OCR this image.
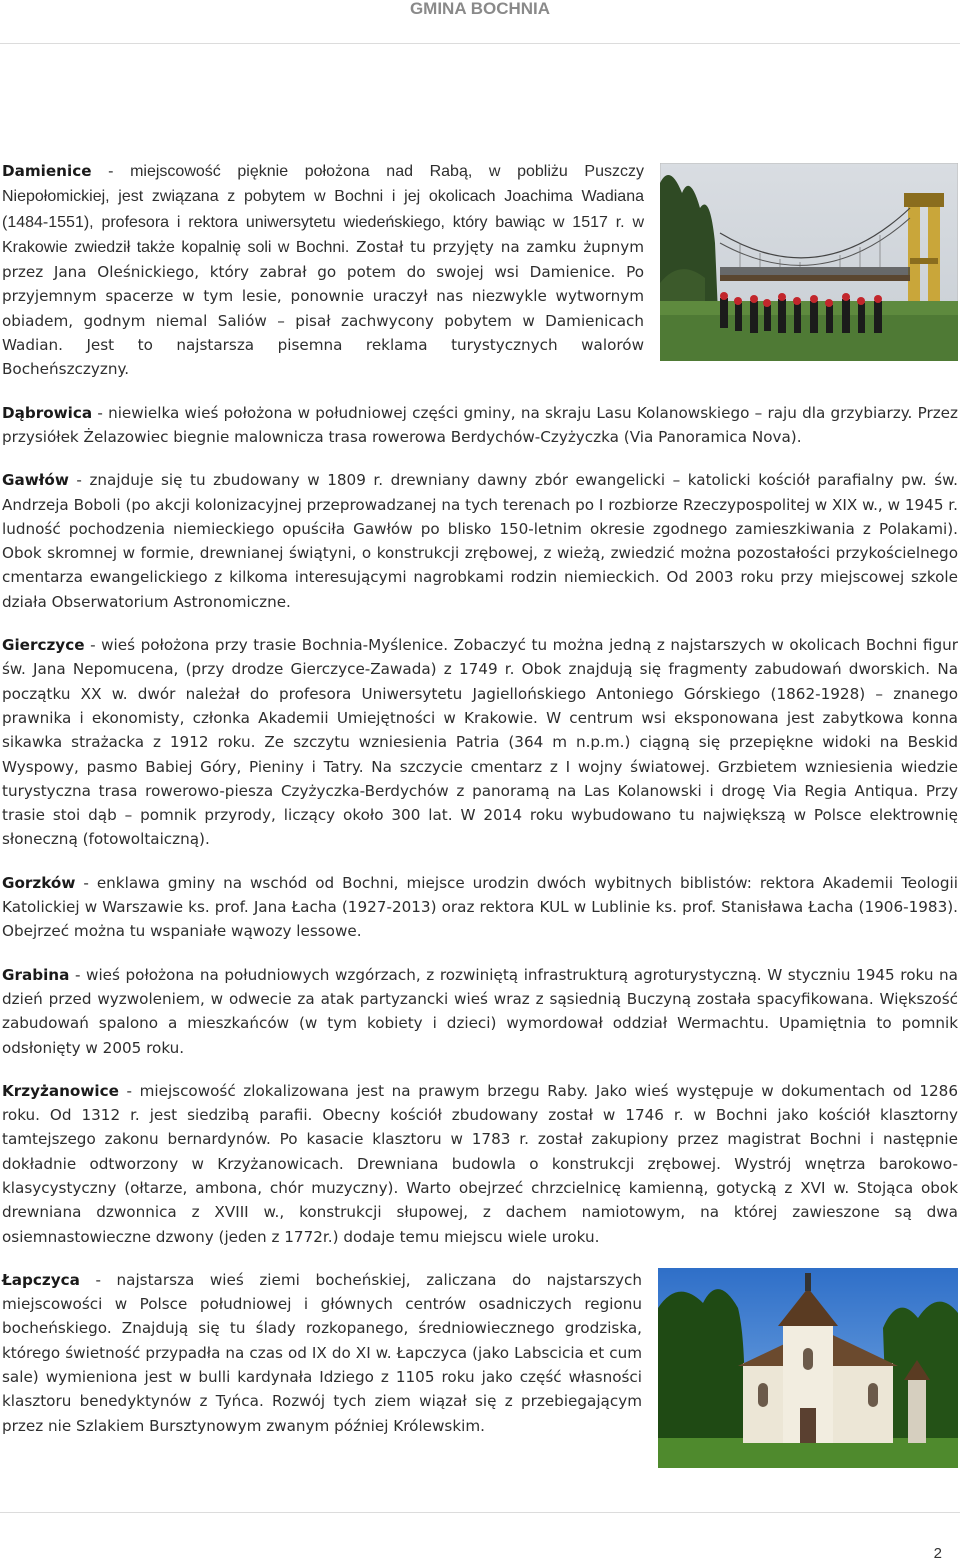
GMINA BOCHNIA

Damienice - miejscowość pięknie położona nad Rabą, w pobliżu Puszczy Niepołomickiej, jest związana z pobytem w Bochni i jej okolicach Joachima Wadiana (1484-1551), profesora i rektora uniwersytetu wiedeńskiego, który bawiąc w 1517 r. w Krakowie zwiedził także kopalnię soli w Bochni. Został tu przyjęty na zamku żupnym przez Jana Oleśnickiego, który zabrał go potem do swojej wsi Damienice. Po przyjemnym spacerze w tym lesie, ponownie uraczył nas niezwykle wytwornym obiadem, godnym niemal Saliów – pisał zachwycony pobytem w Damienicach Wadian. Jest to najstarsza pisemna reklama turystycznych walorów Bocheńszczyzny.

Dąbrowica - niewielka wieś położona w południowej części gminy, na skraju Lasu Kolanowskiego – raju dla grzybiarzy. Przez przysiółek Żelazowiec biegnie malownicza trasa rowerowa Berdychów-Czyżyczka (Via Panoramica Nova).

Gawłów - znajduje się tu zbudowany w 1809 r. drewniany dawny zbór ewangelicki – katolicki kościół parafialny pw. św. Andrzeja Boboli (po akcji kolonizacyjnej przeprowadzanej na tych terenach po I rozbiorze Rzeczypospolitej w XIX w., w 1945 r. ludność pochodzenia niemieckiego opuściła Gawłów po blisko 150-letnim okresie zgodnego zamieszkiwania z Polakami). Obok skromnej w formie, drewnianej świątyni, o konstrukcji zrębowej, z wieżą, zwiedzić można pozostałości przykościelnego cmentarza ewangelickiego z kilkoma interesującymi nagrobkami rodzin niemieckich. Od 2003 roku przy miejscowej szkole działa Obserwatorium Astronomiczne.

Gierczyce - wieś położona przy trasie Bochnia-Myślenice. Zobaczyć tu można jedną z najstarszych w okolicach Bochni figur św. Jana Nepomucena, (przy drodze Gierczyce-Zawada) z 1749 r. Obok znajdują się fragmenty zabudowań dworskich. Na początku XX w. dwór należał do profesora Uniwersytetu Jagiellońskiego Antoniego Górskiego (1862-1928) – znanego prawnika i ekonomisty, członka Akademii Umiejętności w Krakowie. W centrum wsi eksponowana jest zabytkowa konna sikawka strażacka z 1912 roku. Ze szczytu wzniesienia Patria (364 m n.p.m.) ciągną się przepiękne widoki na Beskid Wyspowy, pasmo Babiej Góry, Pieniny i Tatry. Na szczycie cmentarz z I wojny światowej. Grzbietem wzniesienia wiedzie turystyczna trasa rowerowo-piesza Czyżyczka-Berdychów z panoramą na Las Kolanowski i drogę Via Regia Antiqua. Przy trasie stoi dąb – pomnik przyrody, liczący około 300 lat. W 2014 roku wybudowano tu największą w Polsce elektrownię słoneczną (fotowoltaiczną).

Gorzków - enklawa gminy na wschód od Bochni, miejsce urodzin dwóch wybitnych biblistów: rektora Akademii Teologii Katolickiej w Warszawie ks. prof. Jana Łacha (1927-2013) oraz rektora KUL w Lublinie ks. prof. Stanisława Łacha (1906-1983). Obejrzeć można tu wspaniałe wąwozy lessowe.

Grabina - wieś położona na południowych wzgórzach, z rozwiniętą infrastrukturą agroturystyczną. W styczniu 1945 roku na dzień przed wyzwoleniem, w odwecie za atak partyzancki wieś wraz z sąsiednią Buczyną została spacyfikowana. Większość zabudowań spalono a mieszkańców (w tym kobiety i dzieci) wymordował oddział Wermachtu. Upamiętnia to pomnik odsłonięty w 2005 roku.

Krzyżanowice - miejscowość zlokalizowana jest na prawym brzegu Raby. Jako wieś występuje w dokumentach od 1286 roku. Od 1312 r. jest siedzibą parafii. Obecny kościół zbudowany został w 1746 r. w Bochni jako kościół klasztorny tamtejszego zakonu bernardynów. Po kasacie klasztoru w 1783 r. został zakupiony przez magistrat Bochni i następnie dokładnie odtworzony w Krzyżanowicach. Drewniana budowla o konstrukcji zrębowej. Wystrój wnętrza barokowo-klasycystyczny (ołtarze, ambona, chór muzyczny). Warto obejrzeć chrzcielnicę kamienną, gotycką z XVI w. Stojąca obok drewniana dzwonnica z XVIII w., konstrukcji słupowej, z dachem namiotowym, na której zawieszone są dwa osiemnastowieczne dzwony (jeden z 1772r.) dodaje temu miejscu wiele uroku.

Łapczyca - najstarsza wieś ziemi bocheńskiej, zaliczana do najstarszych miejscowości w Polsce południowej i głównych centrów osadniczych regionu bocheńskiego. Znajdują się tu ślady rozkopanego, średniowiecznego grodziska, którego świetność przypadła na czas od IX do XI w. Łapczyca (jako Labscicia et cum sale) wymieniona jest w bulli kardynała Idziego z 1105 roku jako część własności klasztoru benedyktynów z Tyńca. Rozwój tych ziem wiązał się z przebiegającym przez nie Szlakiem Bursztynowym zwanym później Królewskim.

2
